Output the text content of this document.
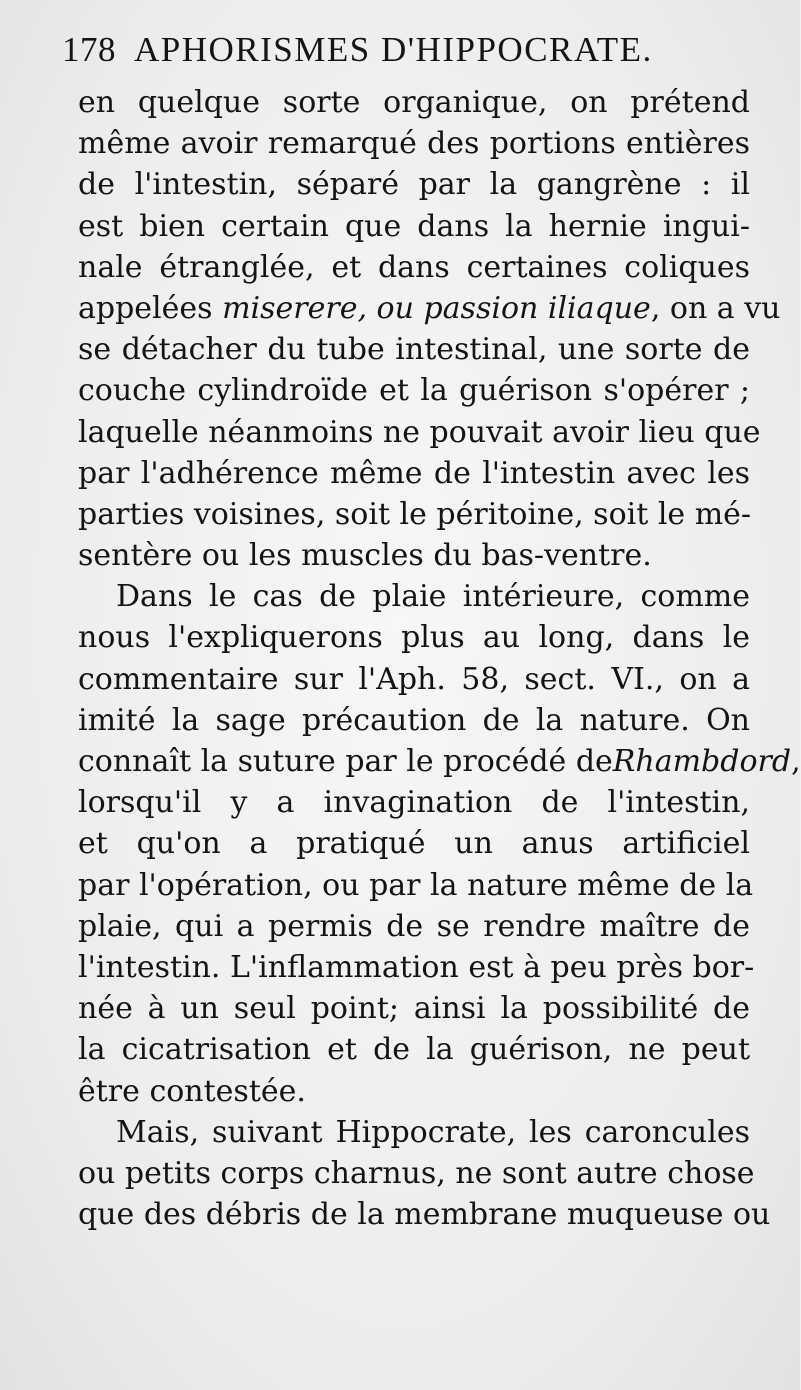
178 APHORISMES D'HIPPOCRATE.
en quelque sorte organique, on prétend
même avoir remarqué des portions entières
de l'intestin, séparé par la gangrène : il
est bien certain que dans la hernie ingui-
nale étranglée, et dans certaines coliques
appelées miserere, ou passion iliaque, on a vu
se détacher du tube intestinal, une sorte de
couche cylindroïde et la guérison s'opérer ;
laquelle néanmoins ne pouvait avoir lieu que
par l'adhérence même de l'intestin avec les
parties voisines, soit le péritoine, soit le mé-
sentère ou les muscles du bas-ventre.
Dans le cas de plaie intérieure, comme
nous l'expliquerons plus au long, dans le
commentaire sur l'Aph. 58, sect. VI., on a
imité la sage précaution de la nature. On
connaît la suture par le procédé deRhambdord,
lorsqu'il y a invagination de l'intestin,
et qu'on a pratiqué un anus artificiel
par l'opération, ou par la nature même de la
plaie, qui a permis de se rendre maître de
l'intestin. L'inflammation est à peu près bor-
née à un seul point; ainsi la possibilité de
la cicatrisation et de la guérison, ne peut
être contestée.
Mais, suivant Hippocrate, les caroncules
ou petits corps charnus, ne sont autre chose
que des débris de la membrane muqueuse ou
